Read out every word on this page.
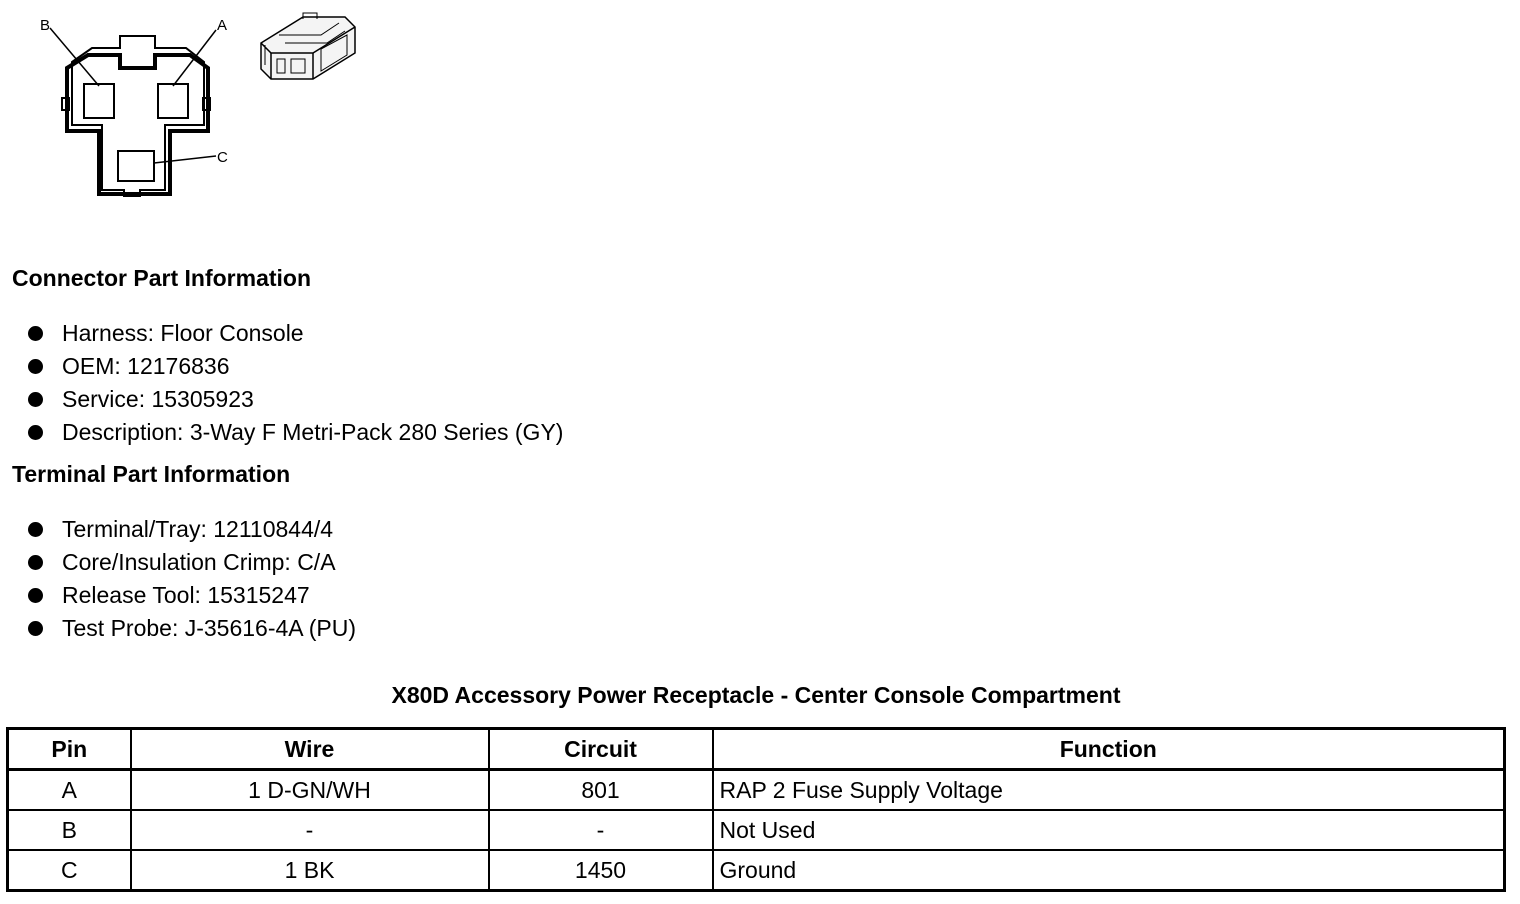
B	A
C
Connector Part Information
Harness: Floor Console
OEM: 12176836
Service: 15305923
Description: 3-Way F Metri-Pack 280 Series (GY)
Terminal Part Information
Terminal/Tray: 12110844/4
Core/Insulation Crimp: C/A
Release Tool: 15315247
Test Probe: J-35616-4A (PU)
X80D Accessory Power Receptacle - Center Console Compartment
Pin	Wire	Circuit	Function
A	1 D-GN/WH	801	RAP 2 Fuse Supply Voltage
B	-	-	Not Used
C	1 BK	1450	Ground
